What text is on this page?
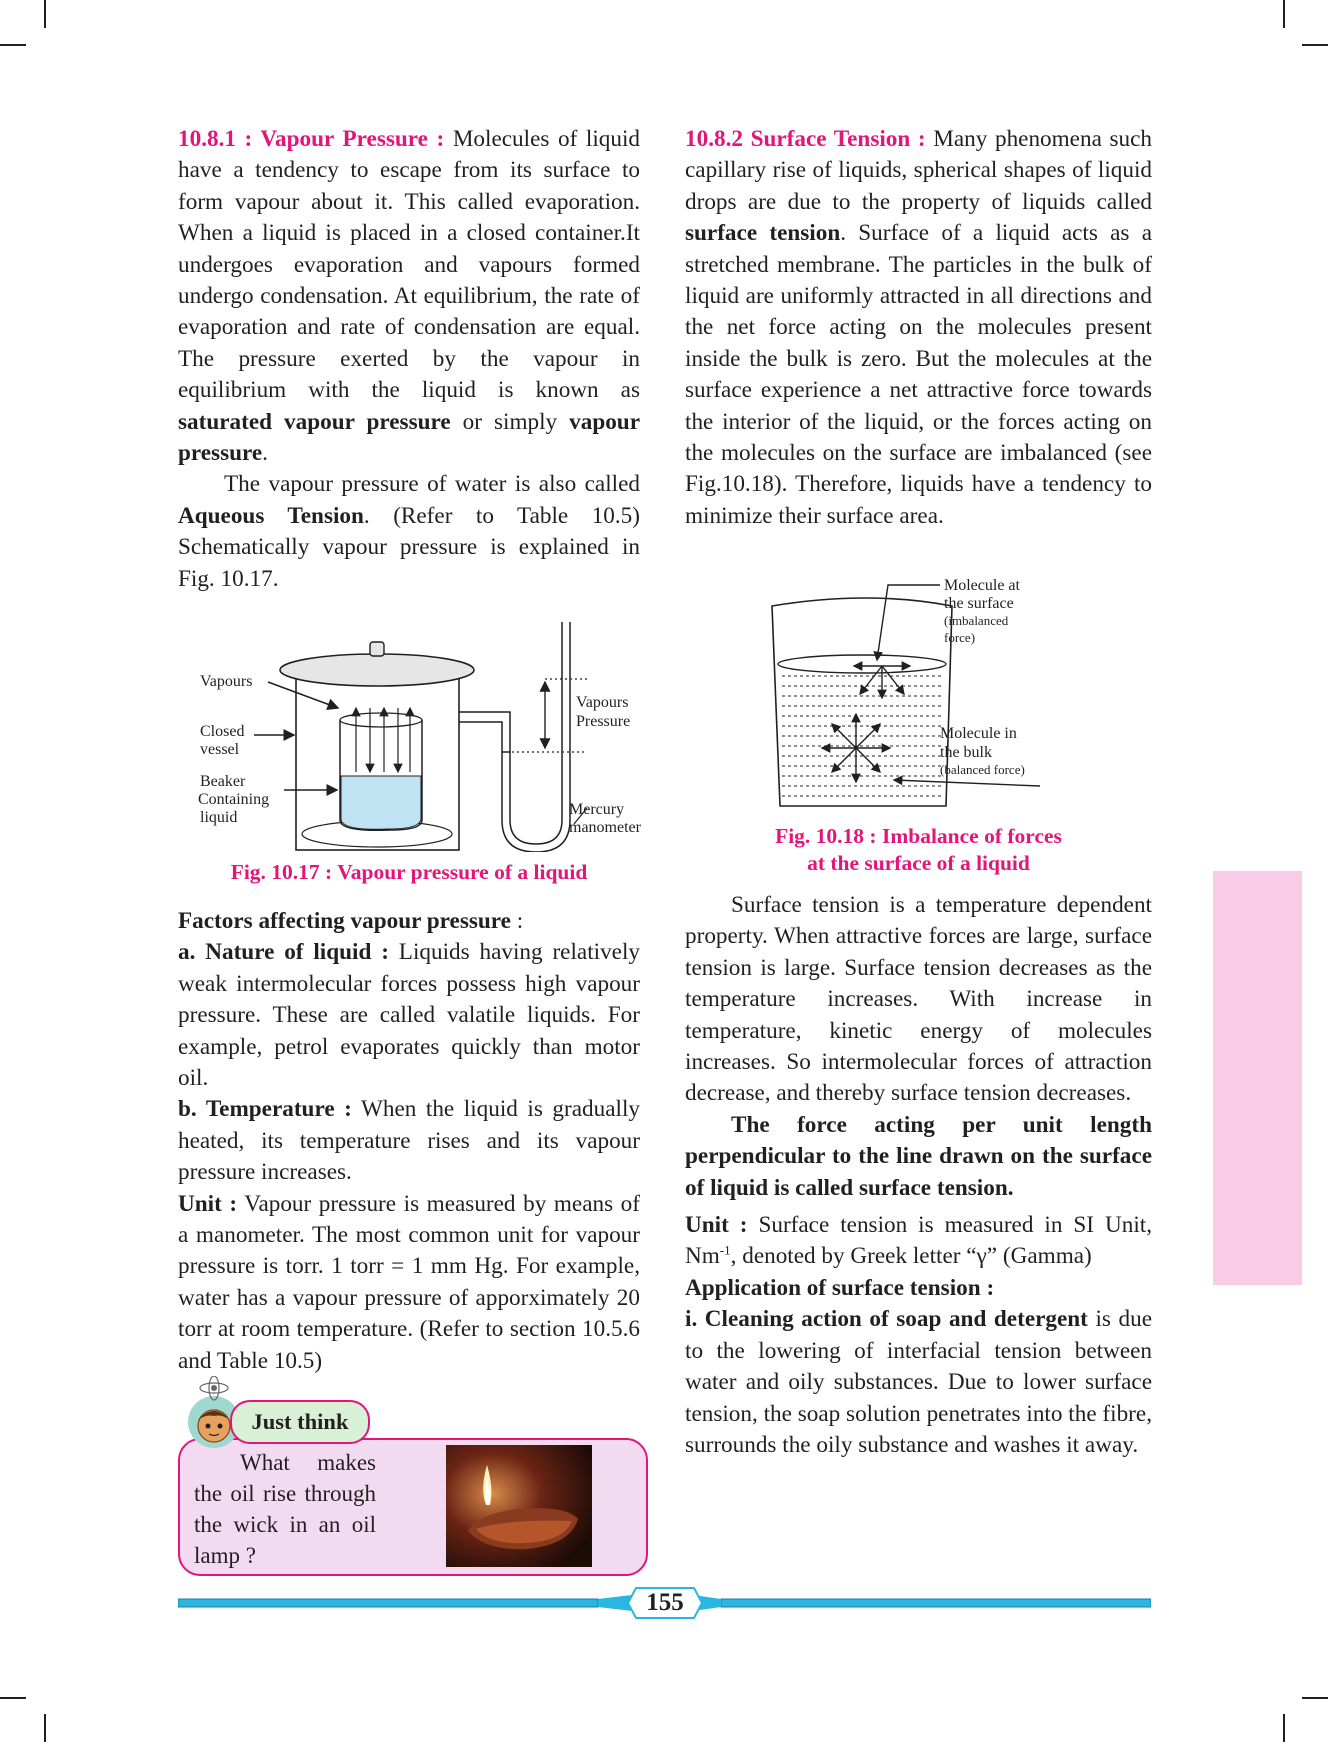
10.8.1 : Vapour Pressure : Molecules of liquid have a tendency to escape from its surface to form vapour about it. This called evaporation. When a liquid is placed in a closed container.It undergoes evaporation and vapours formed undergo condensation. At equilibrium, the rate of evaporation and rate of condensation are equal. The pressure exerted by the vapour in equilibrium with the liquid is known as saturated vapour pressure or simply vapour pressure.

The vapour pressure of water is also called Aqueous Tension. (Refer to Table 10.5) Schematically vapour pressure is explained in Fig. 10.17.

Vapours
Closed
vessel
Beaker
Containing
liquid
Vapours
Pressure
Mercury
manometer
Fig. 10.17 : Vapour pressure of a liquid

Factors affecting vapour pressure :

a. Nature of liquid : Liquids having relatively weak intermolecular forces possess high vapour pressure. These are called valatile liquids. For example, petrol evaporates quickly than motor oil.

b. Temperature : When the liquid is gradually heated, its temperature rises and its vapour pressure increases.

Unit : Vapour pressure is measured by means of a manometer. The most common unit for vapour pressure is torr. 1 torr = 1 mm Hg. For example, water has a vapour pressure of apporximately 20 torr at room temperature. (Refer to section 10.5.6 and Table 10.5)

Just think
What makes the oil rise through the wick in an oil lamp ?

10.8.2 Surface Tension : Many phenomena such capillary rise of liquids, spherical shapes of liquid drops are due to the property of liquids called surface tension. Surface of a liquid acts as a stretched membrane. The particles in the bulk of liquid are uniformly attracted in all directions and the net force acting on the molecules present inside the bulk is zero. But the molecules at the surface experience a net attractive force towards the interior of the liquid, or the forces acting on the molecules on the surface are imbalanced (see Fig.10.18). Therefore, liquids have a tendency to minimize their surface area.

Molecule at
the surface
(imbalanced
force)
Molecule in
the bulk
(balanced force)
Fig. 10.18 : Imbalance of forces
at the surface of a liquid

Surface tension is a temperature dependent property. When attractive forces are large, surface tension is large. Surface tension decreases as the temperature increases. With increase in temperature, kinetic energy of molecules increases. So intermolecular forces of attraction decrease, and thereby surface tension decreases.

The force acting per unit length perpendicular to the line drawn on the surface of liquid is called surface tension.

Unit : Surface tension is measured in SI Unit, $Nm^{-1}$, denoted by Greek letter “γ” (Gamma)

Application of surface tension :

i. Cleaning action of soap and detergent is due to the lowering of interfacial tension between water and oily substances. Due to lower surface tension, the soap solution penetrates into the fibre, surrounds the oily substance and washes it away.

155
